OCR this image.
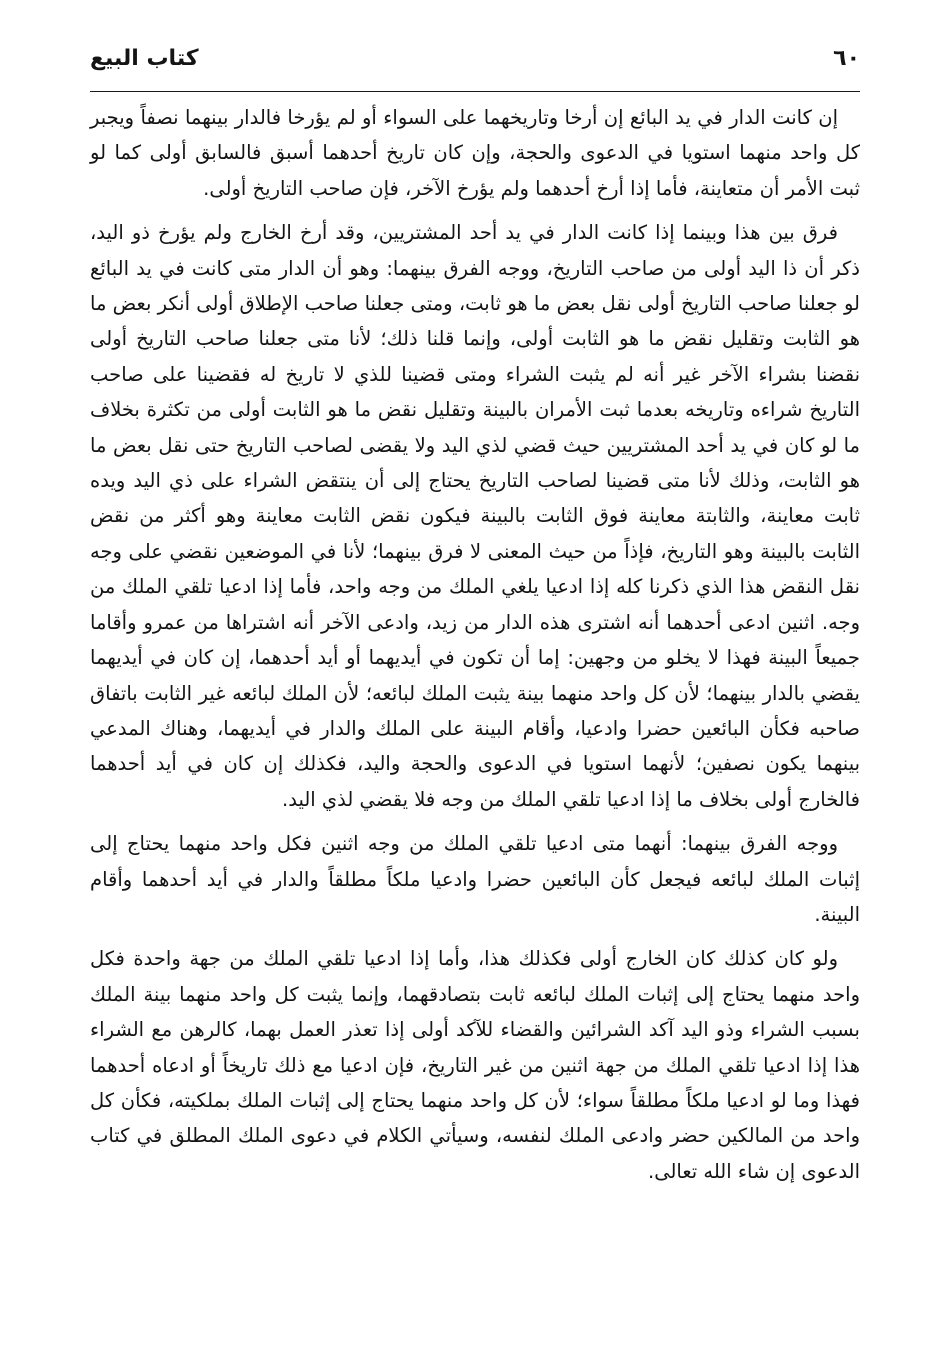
٦٠
كتاب البيع

إن كانت الدار في يد البائع إن أرخا وتاريخهما على السواء أو لم يؤرخا فالدار بينهما نصفاً ويجبر كل واحد منهما استويا في الدعوى والحجة، وإن كان تاريخ أحدهما أسبق فالسابق أولى كما لو ثبت الأمر أن متعاينة، فأما إذا أرخ أحدهما ولم يؤرخ الآخر، فإن صاحب التاريخ أولى.

فرق بين هذا وبينما إذا كانت الدار في يد أحد المشتريين، وقد أرخ الخارج ولم يؤرخ ذو اليد، ذكر أن ذا اليد أولى من صاحب التاريخ، ووجه الفرق بينهما: وهو أن الدار متى كانت في يد البائع لو جعلنا صاحب التاريخ أولى نقل بعض ما هو ثابت، ومتى جعلنا صاحب الإطلاق أولى أنكر بعض ما هو الثابت وتقليل نقض ما هو الثابت أولى، وإنما قلنا ذلك؛ لأنا متى جعلنا صاحب التاريخ أولى نقضنا بشراء الآخر غير أنه لم يثبت الشراء ومتى قضينا للذي لا تاريخ له فقضينا على صاحب التاريخ شراءه وتاريخه بعدما ثبت الأمران بالبينة وتقليل نقض ما هو الثابت أولى من تكثرة بخلاف ما لو كان في يد أحد المشتريين حيث قضي لذي اليد ولا يقضى لصاحب التاريخ حتى نقل بعض ما هو الثابت، وذلك لأنا متى قضينا لصاحب التاريخ يحتاج إلى أن ينتقض الشراء على ذي اليد ويده ثابت معاينة، والثابتة معاينة فوق الثابت بالبينة فيكون نقض الثابت معاينة وهو أكثر من نقض الثابت بالبينة وهو التاريخ، فإذاً من حيث المعنى لا فرق بينهما؛ لأنا في الموضعين نقضي على وجه نقل النقض هذا الذي ذكرنا كله إذا ادعيا يلغي الملك من وجه واحد، فأما إذا ادعيا تلقي الملك من وجه. اثنين ادعى أحدهما أنه اشترى هذه الدار من زيد، وادعى الآخر أنه اشتراها من عمرو وأقاما جميعاً البينة فهذا لا يخلو من وجهين: إما أن تكون في أيديهما أو أيد أحدهما، إن كان في أيديهما يقضي بالدار بينهما؛ لأن كل واحد منهما بينة يثبت الملك لبائعه؛ لأن الملك لبائعه غير الثابت باتفاق صاحبه فكأن البائعين حضرا وادعيا، وأقام البينة على الملك والدار في أيديهما، وهناك المدعي بينهما يكون نصفين؛ لأنهما استويا في الدعوى والحجة واليد، فكذلك إن كان في أيد أحدهما فالخارج أولى بخلاف ما إذا ادعيا تلقي الملك من وجه فلا يقضي لذي اليد.

ووجه الفرق بينهما: أنهما متى ادعيا تلقي الملك من وجه اثنين فكل واحد منهما يحتاج إلى إثبات الملك لبائعه فيجعل كأن البائعين حضرا وادعيا ملكاً مطلقاً والدار في أيد أحدهما وأقام البينة.

ولو كان كذلك كان الخارج أولى فكذلك هذا، وأما إذا ادعيا تلقي الملك من جهة واحدة فكل واحد منهما يحتاج إلى إثبات الملك لبائعه ثابت بتصادقهما، وإنما يثبت كل واحد منهما بينة الملك بسبب الشراء وذو اليد آكد الشرائين والقضاء للآكد أولى إذا تعذر العمل بهما، كالرهن مع الشراء هذا إذا ادعيا تلقي الملك من جهة اثنين من غير التاريخ، فإن ادعيا مع ذلك تاريخاً أو ادعاه أحدهما فهذا وما لو ادعيا ملكاً مطلقاً سواء؛ لأن كل واحد منهما يحتاج إلى إثبات الملك بملكيته، فكأن كل واحد من المالكين حضر وادعى الملك لنفسه، وسيأتي الكلام في دعوى الملك المطلق في كتاب الدعوى إن شاء الله تعالى.
